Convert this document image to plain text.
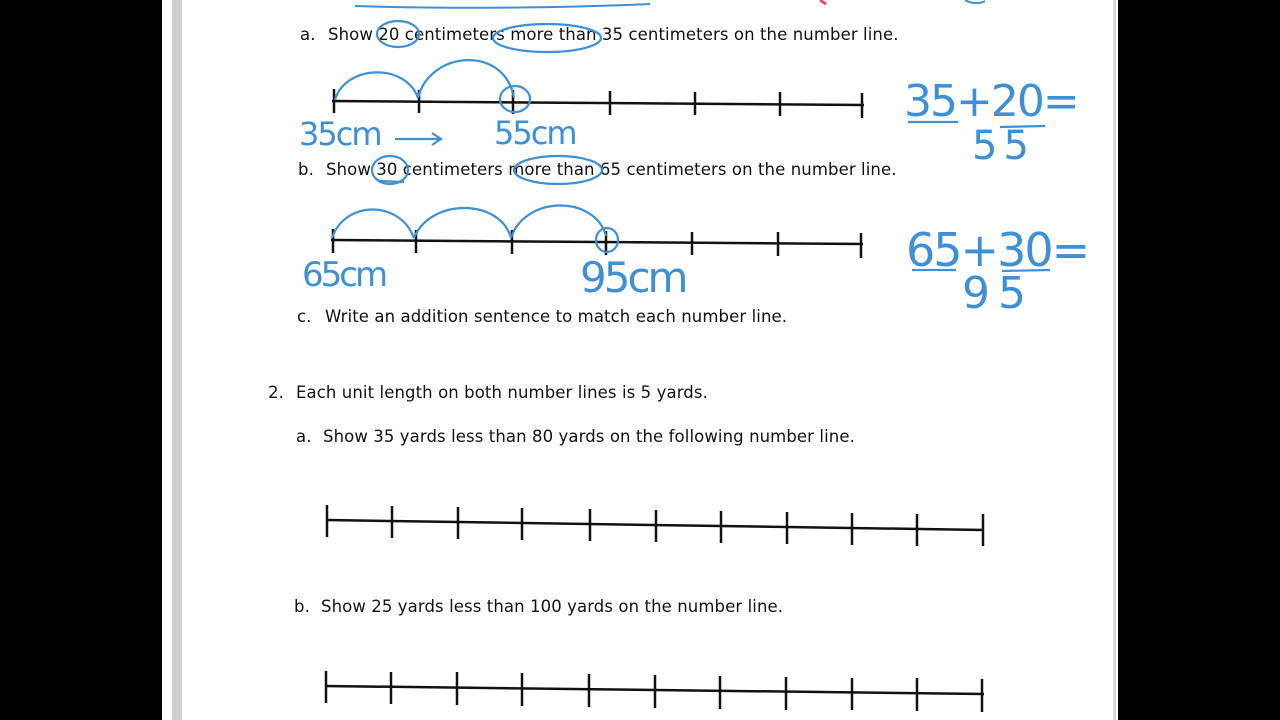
a. Show 20 centimeters more than 35 centimeters on the number line.
b. Show 30 centimeters more than 65 centimeters on the number line.
c. Write an addition sentence to match each number line.
2. Each unit length on both number lines is 5 yards.
a. Show 35 yards less than 80 yards on the following number line.
b. Show 25 yards less than 100 yards on the number line.
35cm	55cm
65cm	95cm
35+20=
55
65+30=
95
